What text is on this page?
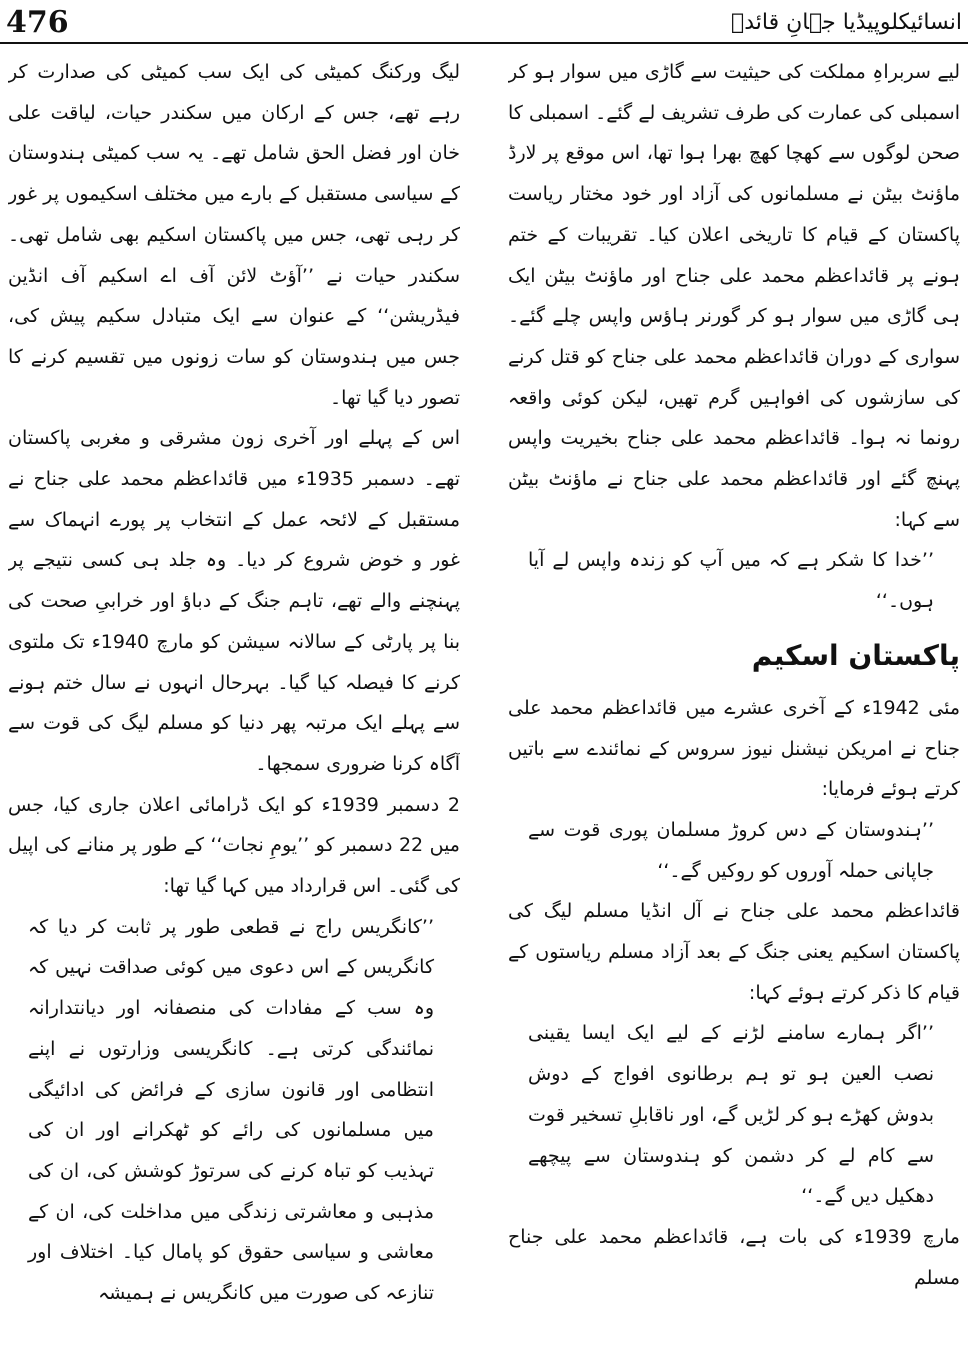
476	انسائیکلوپیڈیا جہانِ قائدؒ

لیے سربراہِ مملکت کی حیثیت سے گاڑی میں سوار ہو کر اسمبلی کی عمارت کی طرف تشریف لے گئے۔ اسمبلی کا صحن لوگوں سے کھچا کھچ بھرا ہوا تھا، اس موقع پر لارڈ ماؤنٹ بیٹن نے مسلمانوں کی آزاد اور خود مختار ریاست پاکستان کے قیام کا تاریخی اعلان کیا۔ تقریبات کے ختم ہونے پر قائداعظم محمد علی جناح اور ماؤنٹ بیٹن ایک ہی گاڑی میں سوار ہو کر گورنر ہاؤس واپس چلے گئے۔ سواری کے دوران قائداعظم محمد علی جناح کو قتل کرنے کی سازشوں کی افواہیں گرم تھیں، لیکن کوئی واقعہ رونما نہ ہوا۔ قائداعظم محمد علی جناح بخیریت واپس پہنچ گئے اور قائداعظم محمد علی جناح نے ماؤنٹ بیٹن سے کہا:

’’خدا کا شکر ہے کہ میں آپ کو زندہ واپس لے آیا ہوں۔‘‘

پاکستان اسکیم

مئی 1942ء کے آخری عشرے میں قائداعظم محمد علی جناح نے امریکن نیشنل نیوز سروس کے نمائندے سے باتیں کرتے ہوئے فرمایا:

’’ہندوستان کے دس کروڑ مسلمان پوری قوت سے جاپانی حملہ آوروں کو روکیں گے۔‘‘

قائداعظم محمد علی جناح نے آل انڈیا مسلم لیگ کی پاکستان اسکیم یعنی جنگ کے بعد آزاد مسلم ریاستوں کے قیام کا ذکر کرتے ہوئے کہا:

’’اگر ہمارے سامنے لڑنے کے لیے ایک ایسا یقینی نصب العین ہو تو ہم برطانوی افواج کے دوش بدوش کھڑے ہو کر لڑیں گے، اور ناقابلِ تسخیر قوت سے کام لے کر دشمن کو ہندوستان سے پیچھے دھکیل دیں گے۔‘‘

مارچ 1939ء کی بات ہے، قائداعظم محمد علی جناح مسلم

لیگ ورکنگ کمیٹی کی ایک سب کمیٹی کی صدارت کر رہے تھے، جس کے ارکان میں سکندر حیات، لیاقت علی خان اور فضل الحق شامل تھے۔ یہ سب کمیٹی ہندوستان کے سیاسی مستقبل کے بارے میں مختلف اسکیموں پر غور کر رہی تھی، جس میں پاکستان اسکیم بھی شامل تھی۔ سکندر حیات نے ’’آؤٹ لائن آف اے اسکیم آف انڈین فیڈریشن‘‘ کے عنوان سے ایک متبادل سکیم پیش کی، جس میں ہندوستان کو سات زونوں میں تقسیم کرنے کا تصور دیا گیا تھا۔

اس کے پہلے اور آخری زون مشرقی و مغربی پاکستان تھے۔ دسمبر 1935ء میں قائداعظم محمد علی جناح نے مستقبل کے لائحہ عمل کے انتخاب پر پورے انہماک سے غور و خوض شروع کر دیا۔ وہ جلد ہی کسی نتیجے پر پہنچنے والے تھے، تاہم جنگ کے دباؤ اور خرابیِ صحت کی بنا پر پارٹی کے سالانہ سیشن کو مارچ 1940ء تک ملتوی کرنے کا فیصلہ کیا گیا۔ بہرحال انہوں نے سال ختم ہونے سے پہلے ایک مرتبہ پھر دنیا کو مسلم لیگ کی قوت سے آگاہ کرنا ضروری سمجھا۔

2 دسمبر 1939ء کو ایک ڈرامائی اعلان جاری کیا، جس میں 22 دسمبر کو ’’یومِ نجات‘‘ کے طور پر منانے کی اپیل کی گئی۔ اس قرارداد میں کہا گیا تھا:

’’کانگریس راج نے قطعی طور پر ثابت کر دیا کہ کانگریس کے اس دعوی میں کوئی صداقت نہیں کہ وہ سب کے مفادات کی منصفانہ اور دیانتدارانہ نمائندگی کرتی ہے۔ کانگریسی وزارتوں نے اپنے انتظامی اور قانون سازی کے فرائض کی ادائیگی میں مسلمانوں کی رائے کو ٹھکرانے اور ان کی تہذیب کو تباہ کرنے کی سرتوڑ کوشش کی، ان کی مذہبی و معاشرتی زندگی میں مداخلت کی، ان کے معاشی و سیاسی حقوق کو پامال کیا۔ اختلاف اور تنازعہ کی صورت میں کانگریس نے ہمیشہ
